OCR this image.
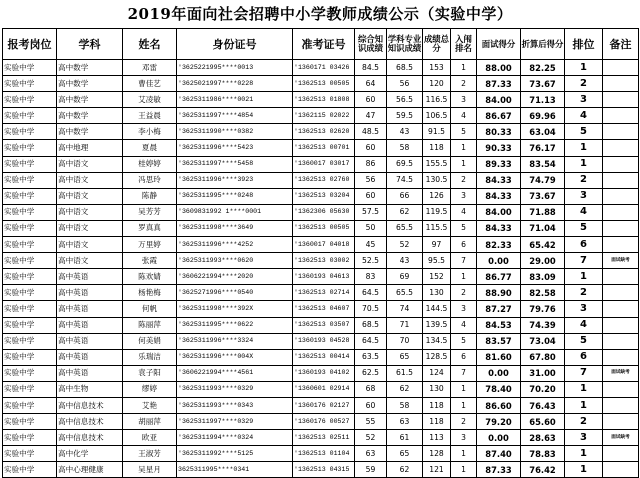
2019年面向社会招聘中小学教师成绩公示（实验中学）
报考岗位	学科	姓名	身份证号	准考证号	综合知识成绩	学科专业知识成绩	成绩总分	入闱排名	面试得分	折算后得分	排位	备注
实验中学	高中数学	邓雷	'3625221995****0013	'1360171 03426	84.5	68.5	153	1	88.00	82.25	1	
实验中学	高中数学	曹佳艺	'3625021997****0228	'1362513 00505	64	56	120	2	87.33	73.67	2	
实验中学	高中数学	艾凌敏	'3625311986****0021	'1362513 01808	60	56.5	116.5	3	84.00	71.13	3	
实验中学	高中数学	王益晨	'3625311997****4854	'1362115 02022	47	59.5	106.5	4	86.67	69.96	4	
实验中学	高中数学	李小梅	'3625311990****0382	'1362513 02620	48.5	43	91.5	5	80.33	63.04	5	
实验中学	高中地理	夏晨	'3625311996****5423	'1362513 00701	60	58	118	1	90.33	76.17	1	
实验中学	高中语文	桂婷婷	'3625311997****5458	'1360017 03017	86	69.5	155.5	1	89.33	83.54	1	
实验中学	高中语文	冯思玲	'3625311996****3923	'1362513 02760	56	74.5	130.5	2	84.33	74.79	2	
实验中学	高中语文	陈静	'3625311995****0248	'1362513 03204	60	66	126	3	84.33	73.67	3	
实验中学	高中语文	吴芳芳	'3609831992 1****0001	'1362306 05630	57.5	62	119.5	4	84.00	71.88	4	
实验中学	高中语文	罗真真	'3625311998****3649	'1362513 00505	50	65.5	115.5	5	84.33	71.04	5	
实验中学	高中语文	万里婷	'3625311996****4252	'1360017 04018	45	52	97	6	82.33	65.42	6	
实验中学	高中语文	张霞	'3625311993****0620	'1362513 03002	52.5	43	95.5	7	0.00	29.00	7	面试缺考
实验中学	高中英语	陈欢婧	'3606221994****2020	'1360193 04613	83	69	152	1	86.77	83.09	1	
实验中学	高中英语	杨艳梅	'3625271996****0540	'1362513 02714	64.5	65.5	130	2	88.90	82.58	2	
实验中学	高中英语	何帆	'3625311998****392X	'1362513 04607	70.5	74	144.5	3	87.27	79.76	3	
实验中学	高中英语	陈丽萍	'3625311995****0622	'1362513 03507	68.5	71	139.5	4	84.53	74.39	4	
实验中学	高中英语	何美娟	'3625311996****3324	'1360193 04528	64.5	70	134.5	5	83.57	73.04	5	
实验中学	高中英语	乐瑞洁	'3625311996****004X	'1362513 00414	63.5	65	128.5	6	81.60	67.80	6	
实验中学	高中英语	袁子阳	'3606221994****4561	'1360193 04102	62.5	61.5	124	7	0.00	31.00	7	面试缺考
实验中学	高中生物	缪婷	'3625311993****0329	'1360601 02914	68	62	130	1	78.40	70.20	1	
实验中学	高中信息技术	艾艳	'3625311993****0343	'1360176 02127	60	58	118	1	86.60	76.43	1	
实验中学	高中信息技术	胡丽萍	'3625311997****0329	'1360176 00527	55	63	118	2	79.20	65.60	2	
实验中学	高中信息技术	欧亚	'3625311994****0324	'1362513 02511	52	61	113	3	0.00	28.63	3	面试缺考
实验中学	高中化学	王淑芳	'3625311992****5125	'1362513 01104	63	65	128	1	87.40	78.83	1	
实验中学	高中心理健康	吴星月	3625311995****0341	'1362513 04315	59	62	121	1	87.33	76.42	1	
